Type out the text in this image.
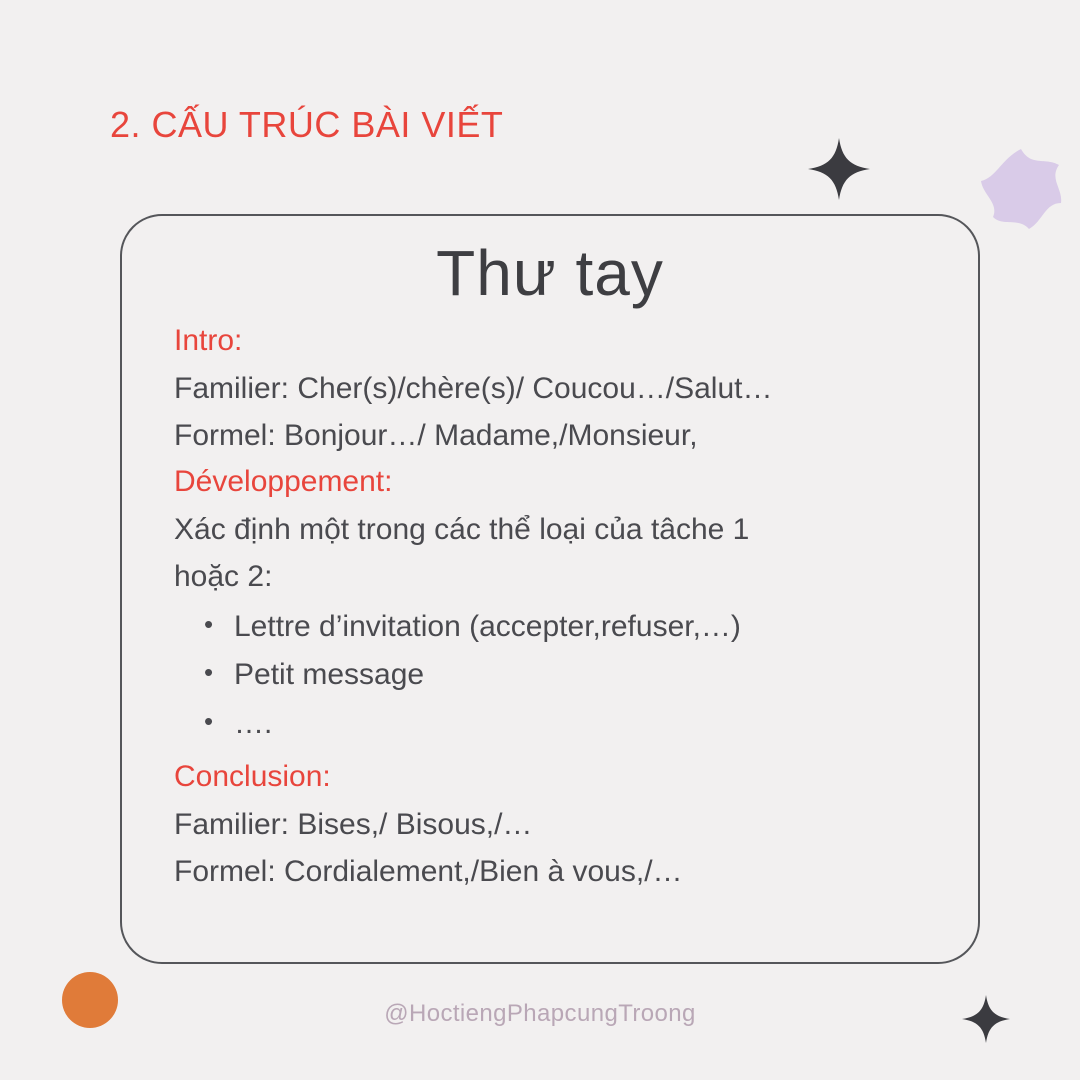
2. CẤU TRÚC BÀI VIẾT
Thư tay
Intro:
Familier: Cher(s)/chère(s)/ Coucou…/Salut…
Formel: Bonjour…/ Madame,/Monsieur,
Développement:
Xác định một trong các thể loại của tâche 1
hoặc 2:
• Lettre d’invitation (accepter,refuser,…)
• Petit message
• ….
Conclusion:
Familier: Bises,/ Bisous,/…
Formel: Cordialement,/Bien à vous,/…
@HoctiengPhapcungTroong
